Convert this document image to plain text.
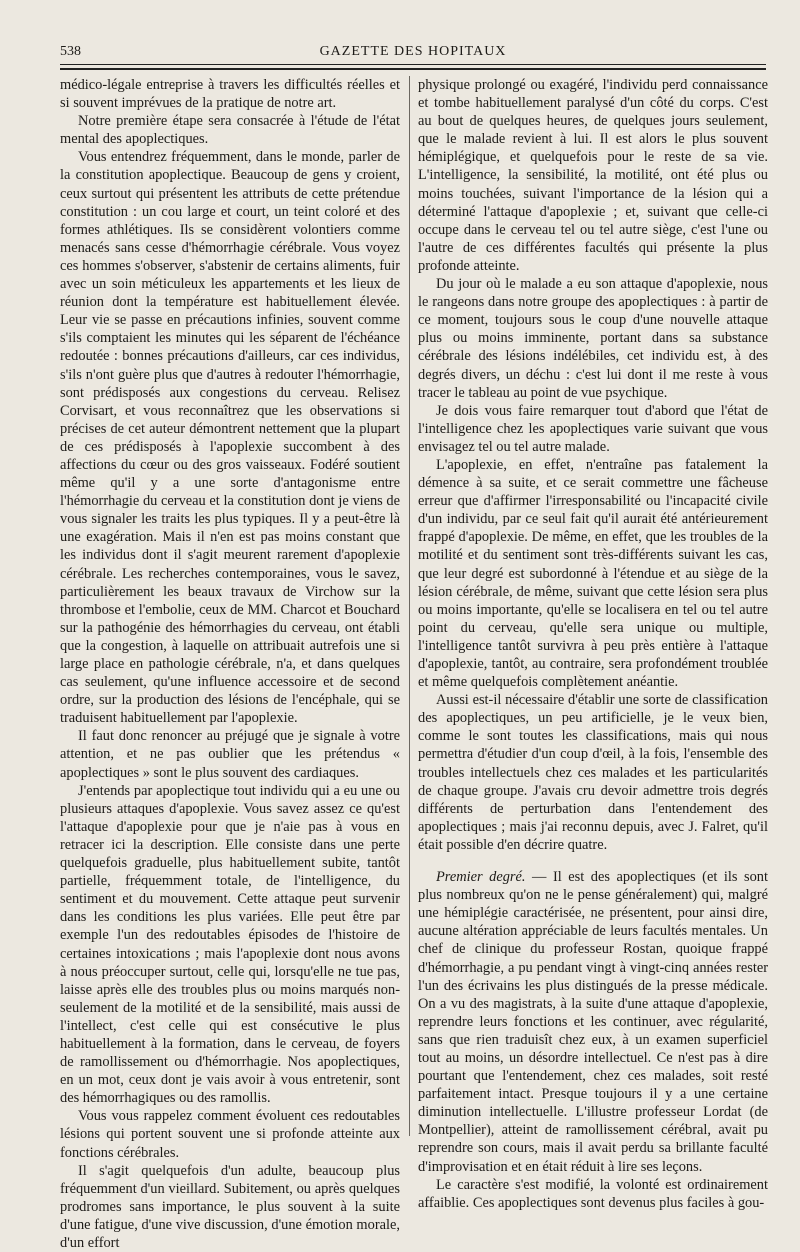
538	GAZETTE DES HOPITAUX

médico-légale entreprise à travers les difficultés réelles et si souvent imprévues de la pratique de notre art.

Notre première étape sera consacrée à l'étude de l'état mental des apoplectiques.

Vous entendrez fréquemment, dans le monde, parler de la constitution apoplectique. Beaucoup de gens y croient, ceux surtout qui présentent les attributs de cette prétendue constitution : un cou large et court, un teint coloré et des formes athlétiques. Ils se considèrent volontiers comme menacés sans cesse d'hémorrhagie cérébrale. Vous voyez ces hommes s'observer, s'abstenir de certains aliments, fuir avec un soin méticuleux les appartements et les lieux de réunion dont la température est habituellement élevée. Leur vie se passe en précautions infinies, souvent comme s'ils comptaient les minutes qui les séparent de l'échéance redoutée : bonnes précautions d'ailleurs, car ces individus, s'ils n'ont guère plus que d'autres à redouter l'hémorrhagie, sont prédisposés aux congestions du cerveau. Relisez Corvisart, et vous reconnaîtrez que les observations si précises de cet auteur démontrent nettement que la plupart de ces prédisposés à l'apoplexie succombent à des affections du cœur ou des gros vaisseaux. Fodéré soutient même qu'il y a une sorte d'antagonisme entre l'hémorrhagie du cerveau et la constitution dont je viens de vous signaler les traits les plus typiques. Il y a peut-être là une exagération. Mais il n'en est pas moins constant que les individus dont il s'agit meurent rarement d'apoplexie cérébrale. Les recherches contemporaines, vous le savez, particulièrement les beaux travaux de Virchow sur la thrombose et l'embolie, ceux de MM. Charcot et Bouchard sur la pathogénie des hémorrhagies du cerveau, ont établi que la congestion, à laquelle on attribuait autrefois une si large place en pathologie cérébrale, n'a, et dans quelques cas seulement, qu'une influence accessoire et de second ordre, sur la production des lésions de l'encéphale, qui se traduisent habituellement par l'apoplexie.

Il faut donc renoncer au préjugé que je signale à votre attention, et ne pas oublier que les prétendus « apoplectiques » sont le plus souvent des cardiaques.

J'entends par apoplectique tout individu qui a eu une ou plusieurs attaques d'apoplexie. Vous savez assez ce qu'est l'attaque d'apoplexie pour que je n'aie pas à vous en retracer ici la description. Elle consiste dans une perte quelquefois graduelle, plus habituellement subite, tantôt partielle, fréquemment totale, de l'intelligence, du sentiment et du mouvement. Cette attaque peut survenir dans les conditions les plus variées. Elle peut être par exemple l'un des redoutables épisodes de l'histoire de certaines intoxications ; mais l'apoplexie dont nous avons à nous préoccuper surtout, celle qui, lorsqu'elle ne tue pas, laisse après elle des troubles plus ou moins marqués non-seulement de la motilité et de la sensibilité, mais aussi de l'intellect, c'est celle qui est consécutive le plus habituellement à la formation, dans le cerveau, de foyers de ramollissement ou d'hémorrhagie. Nos apoplectiques, en un mot, ceux dont je vais avoir à vous entretenir, sont des hémorrhagiques ou des ramollis.

Vous vous rappelez comment évoluent ces redoutables lésions qui portent souvent une si profonde atteinte aux fonctions cérébrales.

Il s'agit quelquefois d'un adulte, beaucoup plus fréquemment d'un vieillard. Subitement, ou après quelques prodromes sans importance, le plus souvent à la suite d'une fatigue, d'une vive discussion, d'une émotion morale, d'un effort

physique prolongé ou exagéré, l'individu perd connaissance et tombe habituellement paralysé d'un côté du corps. C'est au bout de quelques heures, de quelques jours seulement, que le malade revient à lui. Il est alors le plus souvent hémiplégique, et quelquefois pour le reste de sa vie. L'intelligence, la sensibilité, la motilité, ont été plus ou moins touchées, suivant l'importance de la lésion qui a déterminé l'attaque d'apoplexie ; et, suivant que celle-ci occupe dans le cerveau tel ou tel autre siège, c'est l'une ou l'autre de ces différentes facultés qui présente la plus profonde atteinte.

Du jour où le malade a eu son attaque d'apoplexie, nous le rangeons dans notre groupe des apoplectiques : à partir de ce moment, toujours sous le coup d'une nouvelle attaque plus ou moins imminente, portant dans sa substance cérébrale des lésions indélébiles, cet individu est, à des degrés divers, un déchu : c'est lui dont il me reste à vous tracer le tableau au point de vue psychique.

Je dois vous faire remarquer tout d'abord que l'état de l'intelligence chez les apoplectiques varie suivant que vous envisagez tel ou tel autre malade.

L'apoplexie, en effet, n'entraîne pas fatalement la démence à sa suite, et ce serait commettre une fâcheuse erreur que d'affirmer l'irresponsabilité ou l'incapacité civile d'un individu, par ce seul fait qu'il aurait été antérieurement frappé d'apoplexie. De même, en effet, que les troubles de la motilité et du sentiment sont très-différents suivant les cas, que leur degré est subordonné à l'étendue et au siège de la lésion cérébrale, de même, suivant que cette lésion sera plus ou moins importante, qu'elle se localisera en tel ou tel autre point du cerveau, qu'elle sera unique ou multiple, l'intelligence tantôt survivra à peu près entière à l'attaque d'apoplexie, tantôt, au contraire, sera profondément troublée et même quelquefois complètement anéantie.

Aussi est-il nécessaire d'établir une sorte de classification des apoplectiques, un peu artificielle, je le veux bien, comme le sont toutes les classifications, mais qui nous permettra d'étudier d'un coup d'œil, à la fois, l'ensemble des troubles intellectuels chez ces malades et les particularités de chaque groupe. J'avais cru devoir admettre trois degrés différents de perturbation dans l'entendement des apoplectiques ; mais j'ai reconnu depuis, avec J. Falret, qu'il était possible d'en décrire quatre.

Premier degré. — Il est des apoplectiques (et ils sont plus nombreux qu'on ne le pense généralement) qui, malgré une hémiplégie caractérisée, ne présentent, pour ainsi dire, aucune altération appréciable de leurs facultés mentales. Un chef de clinique du professeur Rostan, quoique frappé d'hémorrhagie, a pu pendant vingt à vingt-cinq années rester l'un des écrivains les plus distingués de la presse médicale. On a vu des magistrats, à la suite d'une attaque d'apoplexie, reprendre leurs fonctions et les continuer, avec régularité, sans que rien traduisît chez eux, à un examen superficiel tout au moins, un désordre intellectuel. Ce n'est pas à dire pourtant que l'entendement, chez ces malades, soit resté parfaitement intact. Presque toujours il y a une certaine diminution intellectuelle. L'illustre professeur Lordat (de Montpellier), atteint de ramollissement cérébral, avait pu reprendre son cours, mais il avait perdu sa brillante faculté d'improvisation et en était réduit à lire ses leçons.

Le caractère s'est modifié, la volonté est ordinairement affaiblie. Ces apoplectiques sont devenus plus faciles à gou-
